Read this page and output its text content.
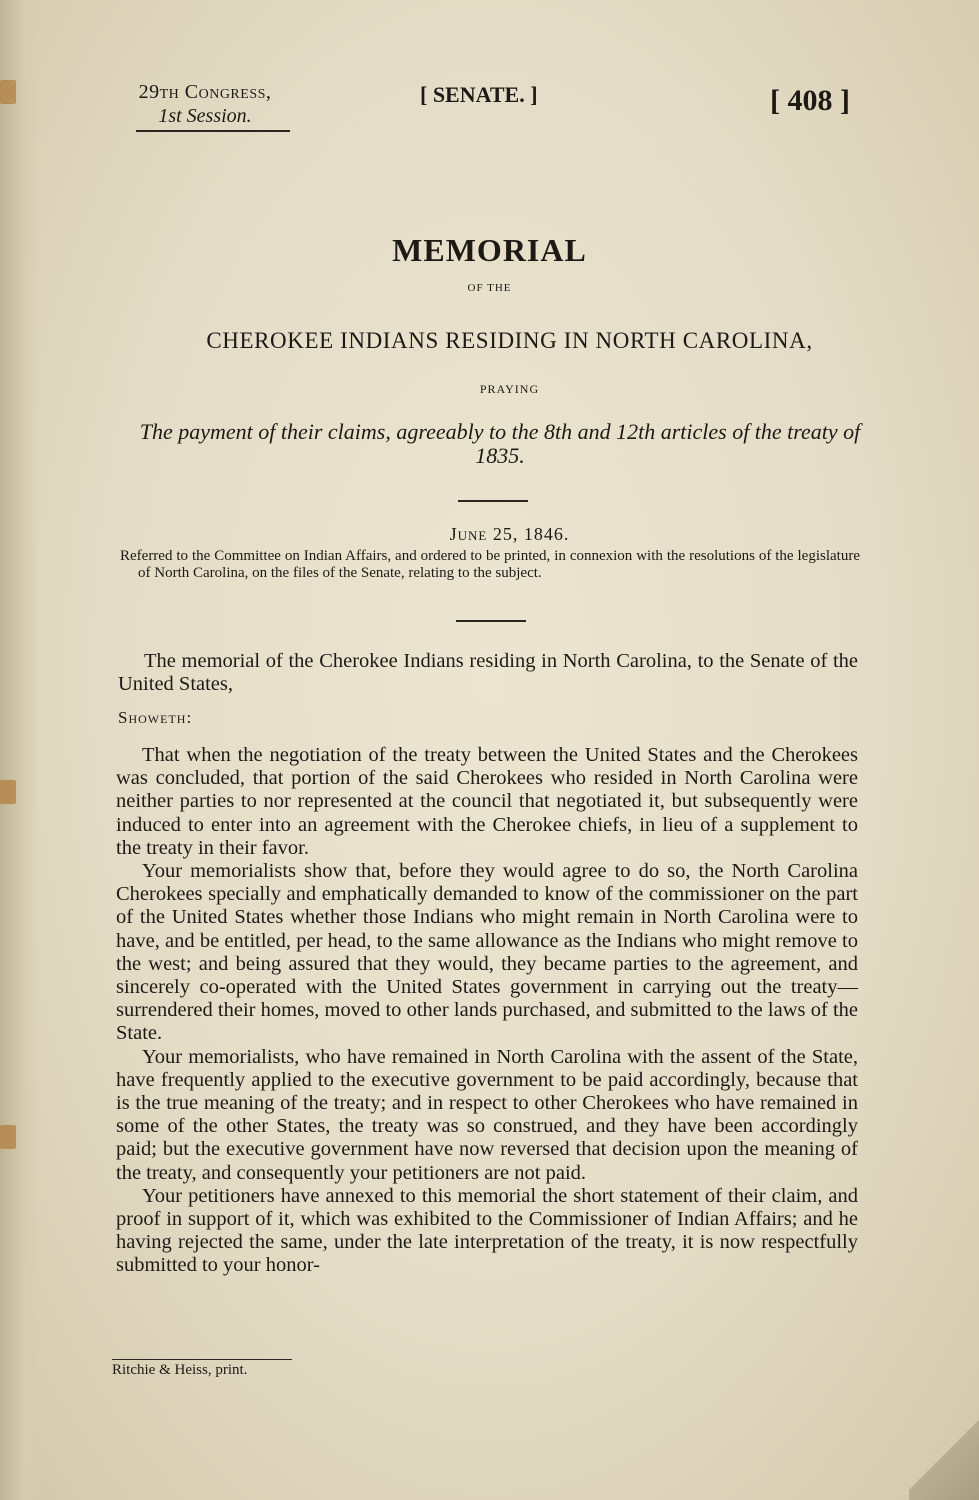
29th Congress,
1st Session.
[ SENATE. ]	[ 408 ]
MEMORIAL
OF THE
CHEROKEE INDIANS RESIDING IN NORTH CAROLINA,
PRAYING
The payment of their claims, agreeably to the 8th and 12th articles of the treaty of 1835.
June 25, 1846.
Referred to the Committee on Indian Affairs, and ordered to be printed, in connexion with the resolutions of the legislature of North Carolina, on the files of the Senate, relating to the subject.
The memorial of the Cherokee Indians residing in North Carolina, to the Senate of the United States,
Showeth:

That when the negotiation of the treaty between the United States and the Cherokees was concluded, that portion of the said Cherokees who resided in North Carolina were neither parties to nor represented at the council that negotiated it, but subsequently were induced to enter into an agreement with the Cherokee chiefs, in lieu of a supplement to the treaty in their favor.

Your memorialists show that, before they would agree to do so, the North Carolina Cherokees specially and emphatically demanded to know of the commissioner on the part of the United States whether those Indians who might remain in North Carolina were to have, and be entitled, per head, to the same allowance as the Indians who might remove to the west; and being assured that they would, they became parties to the agreement, and sincerely co-operated with the United States government in carrying out the treaty—surrendered their homes, moved to other lands purchased, and submitted to the laws of the State.

Your memorialists, who have remained in North Carolina with the assent of the State, have frequently applied to the executive government to be paid accordingly, because that is the true meaning of the treaty; and in respect to other Cherokees who have remained in some of the other States, the treaty was so construed, and they have been accordingly paid; but the executive government have now reversed that decision upon the meaning of the treaty, and consequently your petitioners are not paid.

Your petitioners have annexed to this memorial the short statement of their claim, and proof in support of it, which was exhibited to the Commissioner of Indian Affairs; and he having rejected the same, under the late interpretation of the treaty, it is now respectfully submitted to your honor-

Ritchie & Heiss, print.
